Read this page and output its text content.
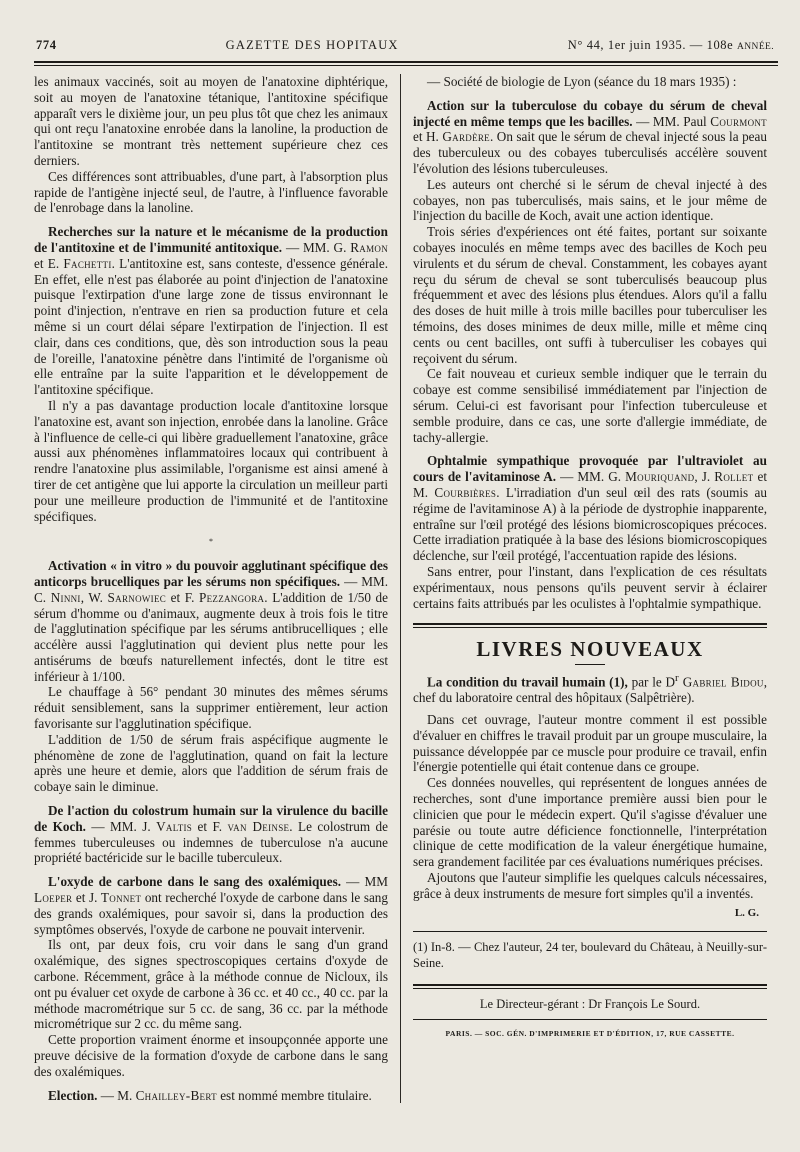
774	GAZETTE DES HOPITAUX	N° 44, 1er juin 1935. — 108e ANNÉE.

les animaux vaccinés, soit au moyen de l'anatoxine diphtérique, soit au moyen de l'anatoxine tétanique, l'antitoxine spécifique apparaît vers le dixième jour, un peu plus tôt que chez les animaux qui ont reçu l'anatoxine enrobée dans la lanoline, la production de l'antitoxine se montrant très nettement supérieure chez ces derniers.

Ces différences sont attribuables, d'une part, à l'absorption plus rapide de l'antigène injecté seul, de l'autre, à l'influence favorable de l'enrobage dans la lanoline.

Recherches sur la nature et le mécanisme de la production de l'antitoxine et de l'immunité antitoxique. — MM. G. Ramon et E. Fachetti. L'antitoxine est, sans conteste, d'essence générale. En effet, elle n'est pas élaborée au point d'injection de l'anatoxine puisque l'extirpation d'une large zone de tissus environnant le point d'injection, n'entrave en rien sa production future et cela même si un court délai sépare l'extirpation de l'injection. Il est clair, dans ces conditions, que, dès son introduction sous la peau de l'oreille, l'anatoxine pénètre dans l'intimité de l'organisme où elle entraîne par la suite l'apparition et le développement de l'antitoxine spécifique.

Il n'y a pas davantage production locale d'antitoxine lorsque l'anatoxine est, avant son injection, enrobée dans la lanoline. Grâce à l'influence de celle-ci qui libère graduellement l'anatoxine, grâce aussi aux phénomènes inflammatoires locaux qui contribuent à rendre l'anatoxine plus assimilable, l'organisme est ainsi amené à tirer de cet antigène que lui apporte la circulation un meilleur parti pour une meilleure production de l'immunité et de l'antitoxine spécifiques.

*

Activation « in vitro » du pouvoir agglutinant spécifique des anticorps brucelliques par les sérums non spécifiques. — MM. C. Ninni, W. Sarnowiec et F. Pezzangora. L'addition de 1/50 de sérum d'homme ou d'animaux, augmente deux à trois fois le titre de l'agglutination spécifique par les sérums antibrucelliques ; elle accélère aussi l'agglutination qui devient plus nette pour les antisérums de bœufs naturellement infectés, dont le titre est inférieur à 1/100.

Le chauffage à 56° pendant 30 minutes des mêmes sérums réduit sensiblement, sans la supprimer entièrement, leur action favorisante sur l'agglutination spécifique.

L'addition de 1/50 de sérum frais aspécifique augmente le phénomène de zone de l'agglutination, quand on fait la lecture après une heure et demie, alors que l'addition de sérum frais de cobaye sain le diminue.

De l'action du colostrum humain sur la virulence du bacille de Koch. — MM. J. Valtis et F. van Deinse. Le colostrum de femmes tuberculeuses ou indemnes de tuberculose n'a aucune propriété bactéricide sur le bacille tuberculeux.

L'oxyde de carbone dans le sang des oxalémiques. — MM Loeper et J. Tonnet ont recherché l'oxyde de carbone dans le sang des grands oxalémiques, pour savoir si, dans la production des symptômes observés, l'oxyde de carbone ne pouvait intervenir.

Ils ont, par deux fois, cru voir dans le sang d'un grand oxalémique, des signes spectroscopiques certains d'oxyde de carbone. Récemment, grâce à la méthode connue de Nicloux, ils ont pu évaluer cet oxyde de carbone à 36 cc. et 40 cc., 40 cc. par la méthode macrométrique sur 5 cc. de sang, 36 cc. par la méthode micrométrique sur 2 cc. du même sang.

Cette proportion vraiment énorme et insoupçonnée apporte une preuve décisive de la formation d'oxyde de carbone dans le sang des oxalémiques.

Election. — M. Chailley-Bert est nommé membre titulaire.

— Société de biologie de Lyon (séance du 18 mars 1935) :

Action sur la tuberculose du cobaye du sérum de cheval injecté en même temps que les bacilles. — MM. Paul Courmont et H. Gardère. On sait que le sérum de cheval injecté sous la peau des tuberculeux ou des cobayes tuberculisés accélère souvent l'évolution des lésions tuberculeuses.

Les auteurs ont cherché si le sérum de cheval injecté à des cobayes, non pas tuberculisés, mais sains, et le jour même de l'injection du bacille de Koch, avait une action identique.

Trois séries d'expériences ont été faites, portant sur soixante cobayes inoculés en même temps avec des bacilles de Koch peu virulents et du sérum de cheval. Constamment, les cobayes ayant reçu du sérum de cheval se sont tuberculisés beaucoup plus fréquemment et avec des lésions plus étendues. Alors qu'il a fallu des doses de huit mille à trois mille bacilles pour tuberculiser les témoins, des doses minimes de deux mille, mille et même cinq cents ou cent bacilles, ont suffi à tuberculiser les cobayes qui reçoivent du sérum.

Ce fait nouveau et curieux semble indiquer que le terrain du cobaye est comme sensibilisé immédiatement par l'injection de sérum. Celui-ci est favorisant pour l'infection tuberculeuse et semble produire, dans ce cas, une sorte d'allergie immédiate, de tachy-allergie.

Ophtalmie sympathique provoquée par l'ultraviolet au cours de l'avitaminose A. — MM. G. Mouriquand, J. Rollet et M. Courbières. L'irradiation d'un seul œil des rats (soumis au régime de l'avitaminose A) à la période de dystrophie inapparente, entraîne sur l'œil protégé des lésions biomicroscopiques précoces. Cette irradiation pratiquée à la base des lésions biomicroscopiques déclenche, sur l'œil protégé, l'accentuation rapide des lésions.

Sans entrer, pour l'instant, dans l'explication de ces résultats expérimentaux, nous pensons qu'ils peuvent servir à éclairer certains faits attribués par les oculistes à l'ophtalmie sympathique.

LIVRES NOUVEAUX

La condition du travail humain (1), par le $D^r$ Gabriel Bidou, chef du laboratoire central des hôpitaux (Salpêtrière).

Dans cet ouvrage, l'auteur montre comment il est possible d'évaluer en chiffres le travail produit par un groupe musculaire, la puissance développée par ce muscle pour produire ce travail, enfin l'énergie potentielle qui était contenue dans ce groupe.

Ces données nouvelles, qui représentent de longues années de recherches, sont d'une importance première aussi bien pour le clinicien que pour le médecin expert. Qu'il s'agisse d'évaluer une parésie ou toute autre déficience fonctionnelle, l'interprétation clinique de cette modification de la valeur énergétique humaine, sera grandement facilitée par ces évaluations numériques précises.

Ajoutons que l'auteur simplifie les quelques calculs nécessaires, grâce à deux instruments de mesure fort simples qu'il a inventés.

L. G.

(1) In-8. — Chez l'auteur, 24 ter, boulevard du Château, à Neuilly-sur-Seine.

Le Directeur-gérant : Dr François Le Sourd.

PARIS. — SOC. GÉN. D'IMPRIMERIE ET D'ÉDITION, 17, RUE CASSETTE.
